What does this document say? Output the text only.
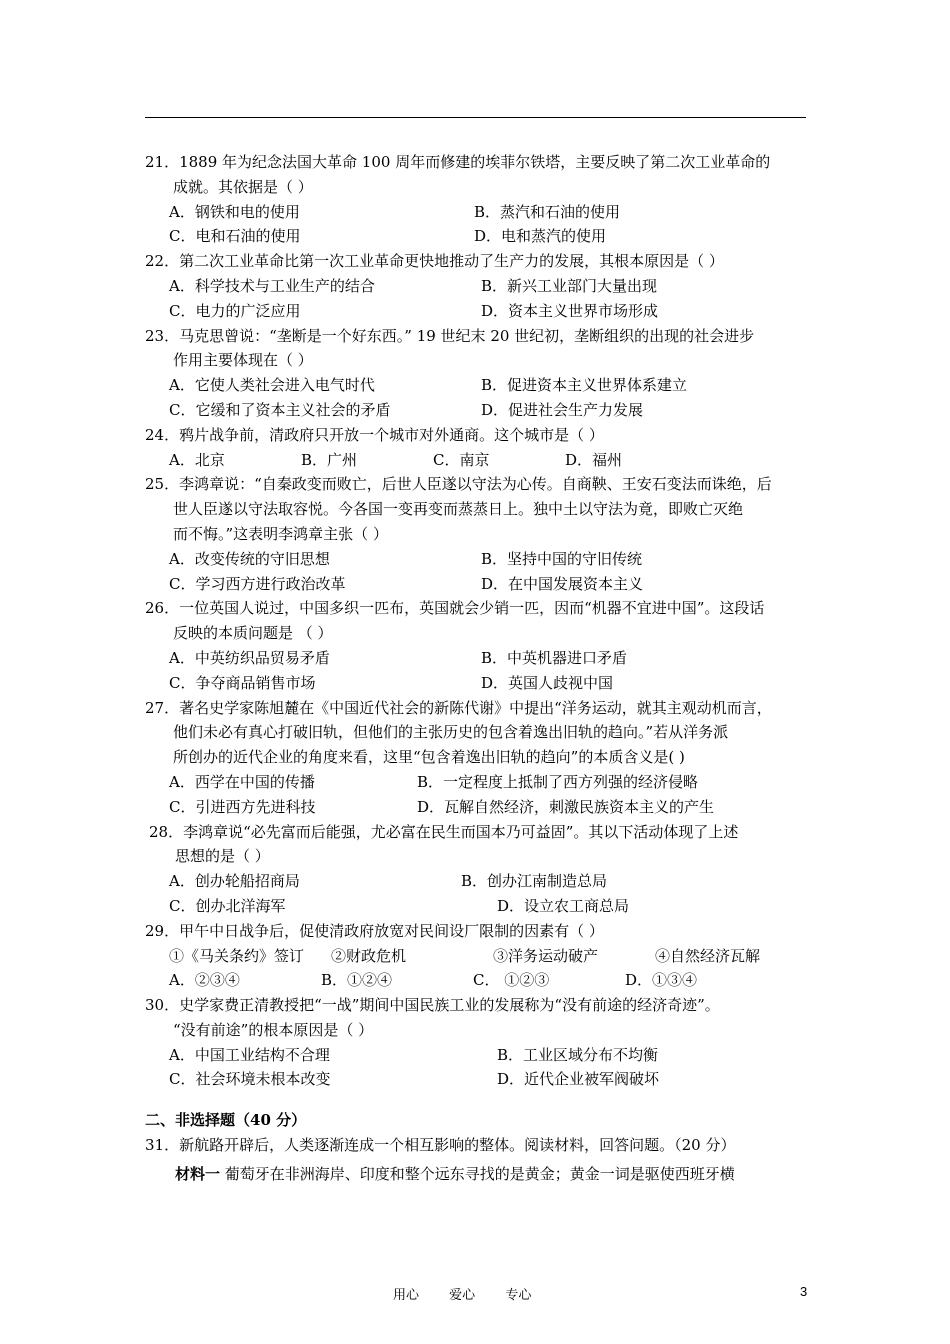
21．1889 年为纪念法国大革命 100 周年而修建的埃菲尔铁塔，主要反映了第二次工业革命的
成就。其依据是（ ）
A．钢铁和电的使用	B．蒸汽和石油的使用
C．电和石油的使用	D．电和蒸汽的使用
22．第二次工业革命比第一次工业革命更快地推动了生产力的发展，其根本原因是（ ）
A．科学技术与工业生产的结合	B．新兴工业部门大量出现
C．电力的广泛应用	D．资本主义世界市场形成
23．马克思曾说：“垄断是一个好东西。” 19 世纪末 20 世纪初，垄断组织的出现的社会进步
作用主要体现在（ ）
A．它使人类社会进入电气时代	B．促进资本主义世界体系建立
C．它缓和了资本主义社会的矛盾	D．促进社会生产力发展
24．鸦片战争前，清政府只开放一个城市对外通商。这个城市是（ ）
A．北京	B．广州	C．南京	D．福州
25．李鸿章说：“自秦政变而败亡，后世人臣遂以守法为心传。自商鞅、王安石变法而诛绝，后
世人臣遂以守法取容悦。今各国一变再变而蒸蒸日上。独中土以守法为竟，即败亡灭绝
而不悔。”这表明李鸿章主张（ ）
A．改变传统的守旧思想	B．坚持中国的守旧传统
C．学习西方进行政治改革	D．在中国发展资本主义
26．一位英国人说过，中国多织一匹布，英国就会少销一匹，因而“机器不宜进中国”。这段话
反映的本质问题是 （ ）
A．中英纺织品贸易矛盾	B．中英机器进口矛盾
C．争夺商品销售市场	D．英国人歧视中国
27．著名史学家陈旭麓在《中国近代社会的新陈代谢》中提出“洋务运动，就其主观动机而言，
他们未必有真心打破旧轨，但他们的主张历史的包含着逸出旧轨的趋向。”若从洋务派
所创办的近代企业的角度来看，这里“包含着逸出旧轨的趋向”的本质含义是( )
A．西学在中国的传播	B．一定程度上抵制了西方列强的经济侵略
C．引进西方先进科技	D．瓦解自然经济，刺激民族资本主义的产生
28．李鸿章说“必先富而后能强，尤必富在民生而国本乃可益固”。其以下活动体现了上述
思想的是（ ）
A．创办轮船招商局	B．创办江南制造总局
C．创办北洋海军	D．设立农工商总局
29．甲午中日战争后，促使清政府放宽对民间设厂限制的因素有（ ）
①《马关条约》签订	②财政危机	③洋务运动破产	④自然经济瓦解
A．②③④	B．①②④	C． ①②③	D．①③④
30．史学家费正清教授把“一战”期间中国民族工业的发展称为“没有前途的经济奇迹”。
“没有前途”的根本原因是（ ）
A．中国工业结构不合理	B．工业区域分布不均衡
C．社会环境未根本改变	D．近代企业被军阀破坏
二、非选择题（40 分）
31．新航路开辟后，人类逐渐连成一个相互影响的整体。阅读材料，回答问题。（20 分）
材料一 葡萄牙在非洲海岸、印度和整个远东寻找的是黄金；黄金一词是驱使西班牙横
用心 爱心 专心	3
